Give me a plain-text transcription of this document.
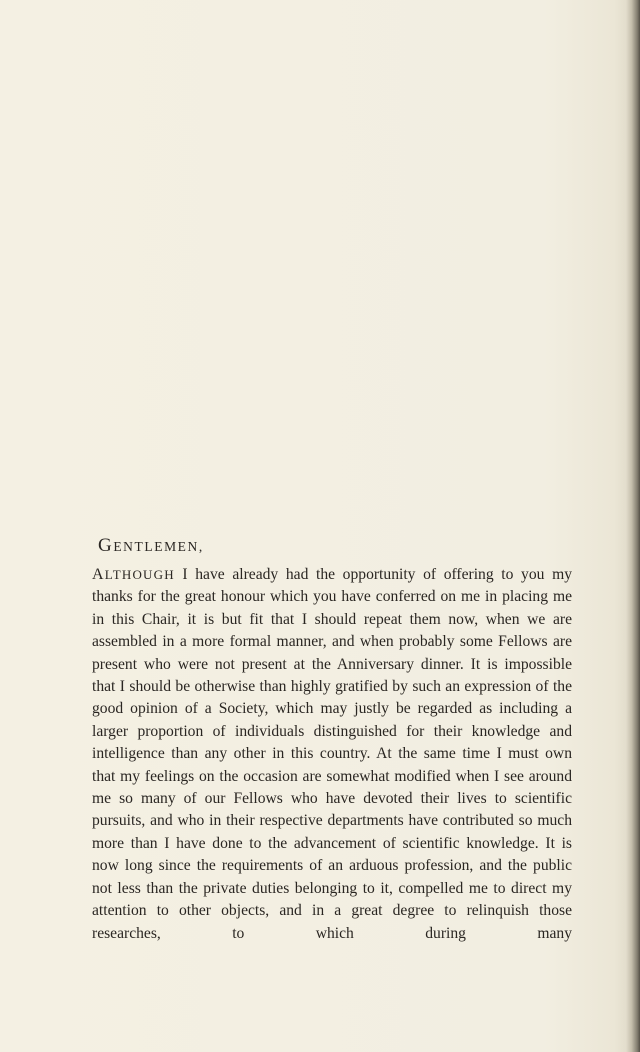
GENTLEMEN,

ALTHOUGH I have already had the opportunity of offering to you my thanks for the great honour which you have conferred on me in placing me in this Chair, it is but fit that I should repeat them now, when we are assembled in a more formal manner, and when probably some Fellows are present who were not present at the Anniversary dinner. It is impossible that I should be otherwise than highly gratified by such an expression of the good opinion of a Society, which may justly be regarded as including a larger proportion of individuals distinguished for their knowledge and intelligence than any other in this country. At the same time I must own that my feelings on the occasion are somewhat modified when I see around me so many of our Fellows who have devoted their lives to scientific pursuits, and who in their respective departments have contributed so much more than I have done to the advancement of scientific knowledge. It is now long since the requirements of an arduous profession, and the public not less than the private duties belonging to it, compelled me to direct my attention to other objects, and in a great degree to relinquish those researches, to which during many
